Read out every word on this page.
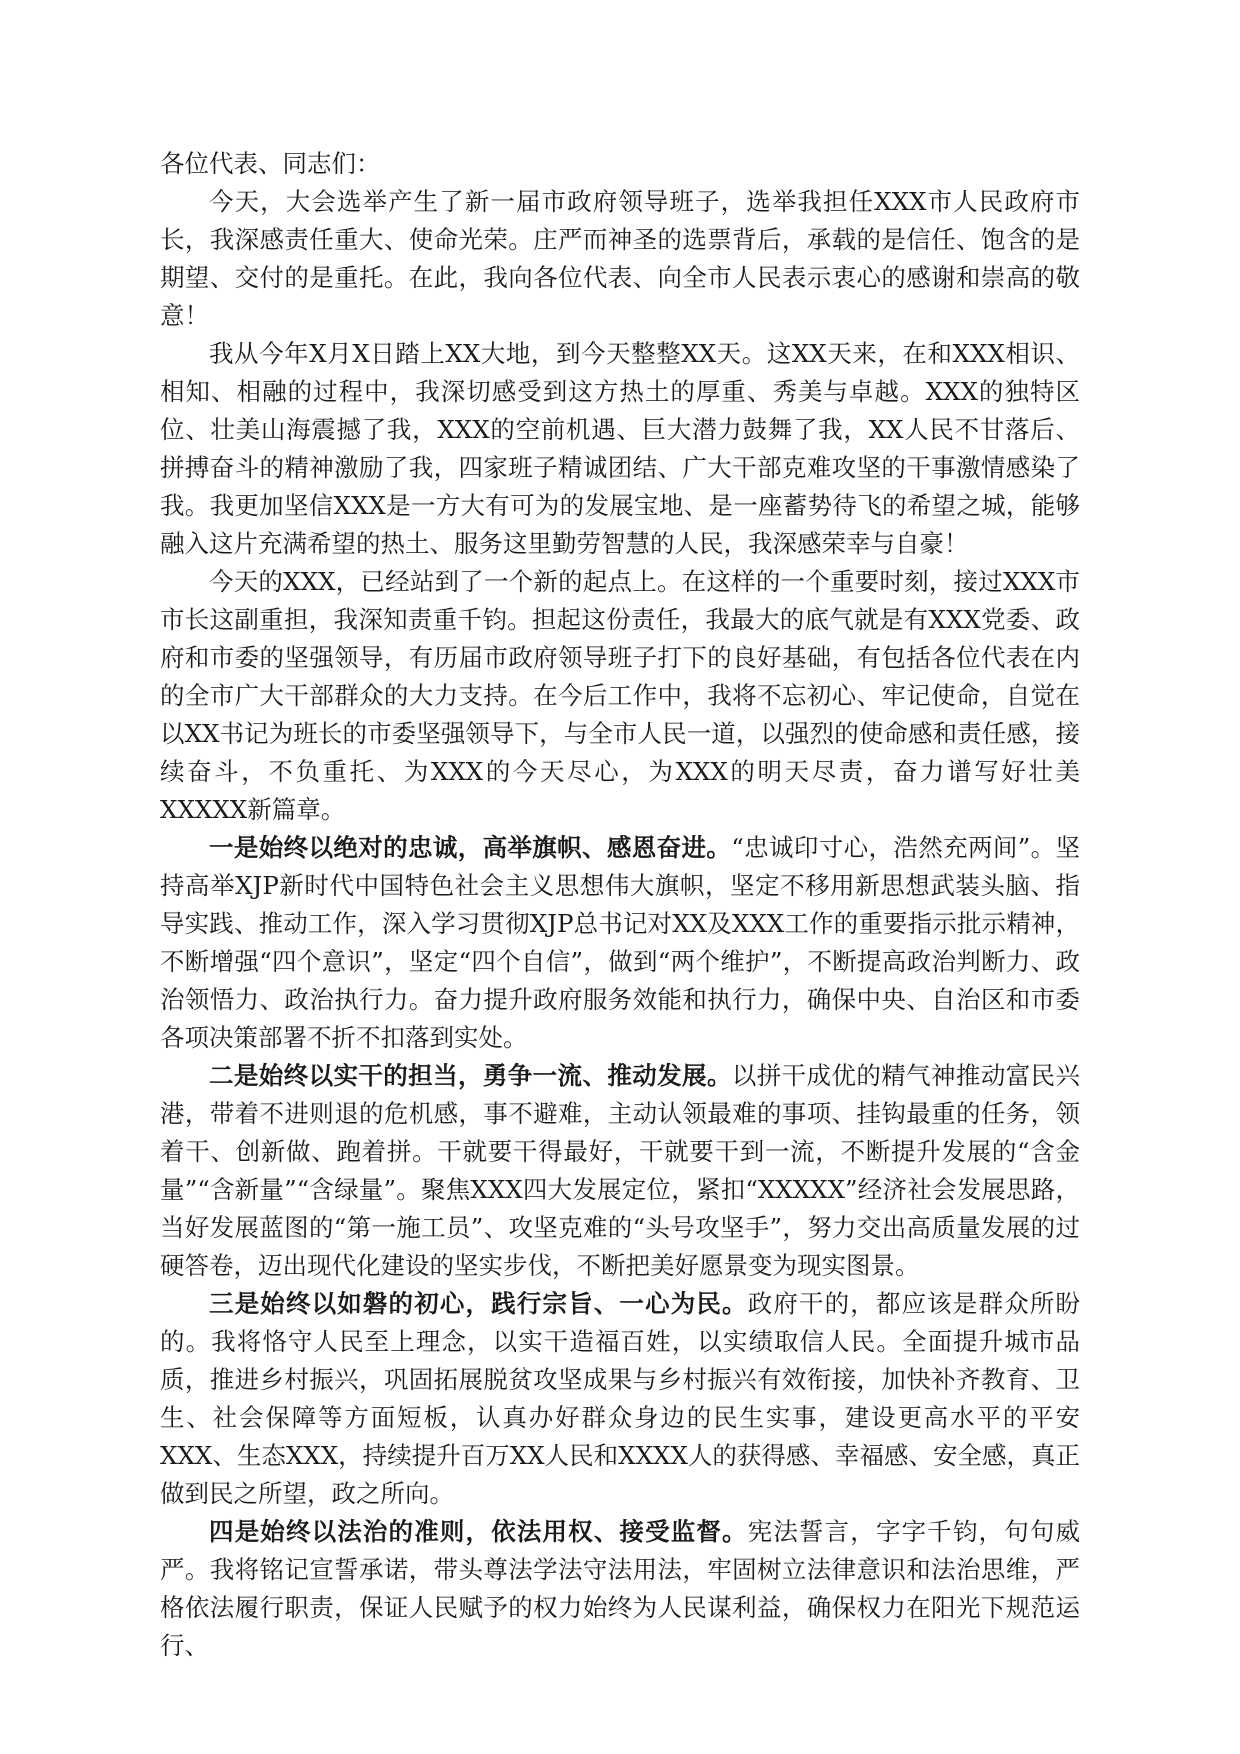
各位代表、同志们：

今天，大会选举产生了新一届市政府领导班子，选举我担任XXX市人民政府市长，我深感责任重大、使命光荣。庄严而神圣的选票背后，承载的是信任、饱含的是期望、交付的是重托。在此，我向各位代表、向全市人民表示衷心的感谢和崇高的敬意！

我从今年X月X日踏上XX大地，到今天整整XX天。这XX天来，在和XXX相识、相知、相融的过程中，我深切感受到这方热土的厚重、秀美与卓越。XXX的独特区位、壮美山海震撼了我，XXX的空前机遇、巨大潜力鼓舞了我，XX人民不甘落后、拼搏奋斗的精神激励了我，四家班子精诚团结、广大干部克难攻坚的干事激情感染了我。我更加坚信XXX是一方大有可为的发展宝地、是一座蓄势待飞的希望之城，能够融入这片充满希望的热土、服务这里勤劳智慧的人民，我深感荣幸与自豪！

今天的XXX，已经站到了一个新的起点上。在这样的一个重要时刻，接过XXX市市长这副重担，我深知责重千钧。担起这份责任，我最大的底气就是有XXX党委、政府和市委的坚强领导，有历届市政府领导班子打下的良好基础，有包括各位代表在内的全市广大干部群众的大力支持。在今后工作中，我将不忘初心、牢记使命，自觉在以XX书记为班长的市委坚强领导下，与全市人民一道，以强烈的使命感和责任感，接续奋斗，不负重托、为XXX的今天尽心，为XXX的明天尽责，奋力谱写好壮美XXXXX新篇章。

一是始终以绝对的忠诚，高举旗帜、感恩奋进。“忠诚印寸心，浩然充两间”。坚持高举XJP新时代中国特色社会主义思想伟大旗帜，坚定不移用新思想武装头脑、指导实践、推动工作，深入学习贯彻XJP总书记对XX及XXX工作的重要指示批示精神，不断增强“四个意识”，坚定“四个自信”，做到“两个维护”，不断提高政治判断力、政治领悟力、政治执行力。奋力提升政府服务效能和执行力，确保中央、自治区和市委各项决策部署不折不扣落到实处。

二是始终以实干的担当，勇争一流、推动发展。以拼干成优的精气神推动富民兴港，带着不进则退的危机感，事不避难，主动认领最难的事项、挂钩最重的任务，领着干、创新做、跑着拼。干就要干得最好，干就要干到一流，不断提升发展的“含金量”“含新量”“含绿量”。聚焦XXX四大发展定位，紧扣“XXXXX”经济社会发展思路，当好发展蓝图的“第一施工员”、攻坚克难的“头号攻坚手”，努力交出高质量发展的过硬答卷，迈出现代化建设的坚实步伐，不断把美好愿景变为现实图景。

三是始终以如磐的初心，践行宗旨、一心为民。政府干的，都应该是群众所盼的。我将恪守人民至上理念，以实干造福百姓，以实绩取信人民。全面提升城市品质，推进乡村振兴，巩固拓展脱贫攻坚成果与乡村振兴有效衔接，加快补齐教育、卫生、社会保障等方面短板，认真办好群众身边的民生实事，建设更高水平的平安XXX、生态XXX，持续提升百万XX人民和XXXX人的获得感、幸福感、安全感，真正做到民之所望，政之所向。

四是始终以法治的准则，依法用权、接受监督。宪法誓言，字字千钧，句句威严。我将铭记宣誓承诺，带头尊法学法守法用法，牢固树立法律意识和法治思维，严格依法履行职责，保证人民赋予的权力始终为人民谋利益，确保权力在阳光下规范运行、
